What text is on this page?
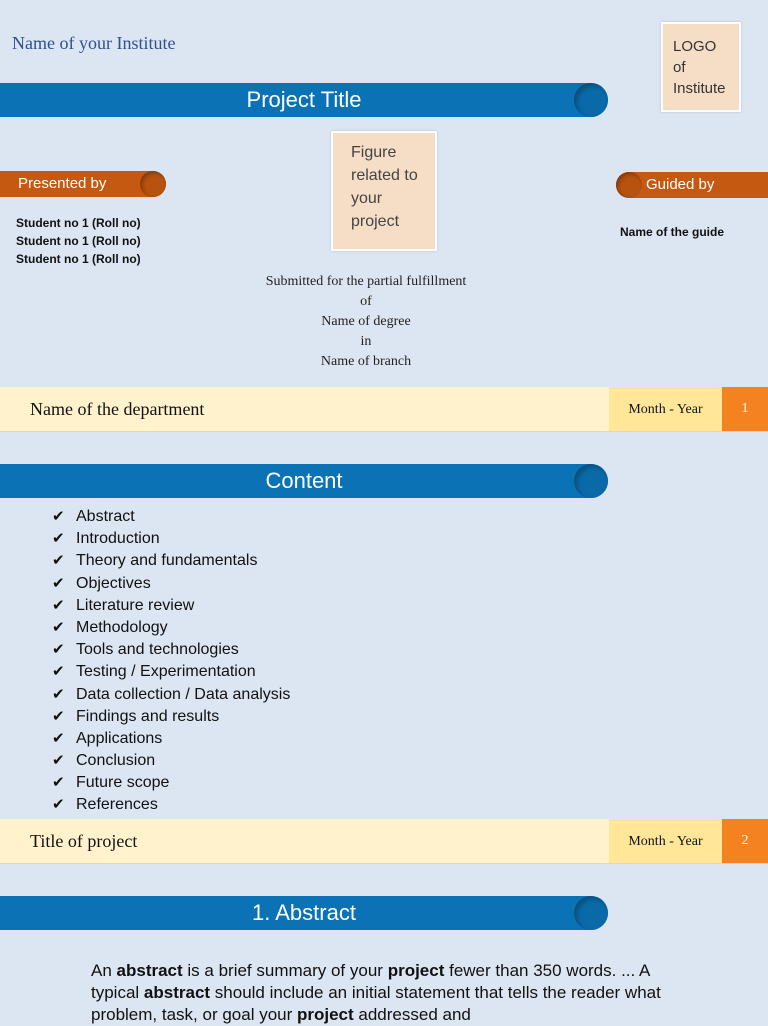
Name of your Institute	LOGO of Institute
Project Title
Presented by	Guided by
Figure related to your project
Student no 1 (Roll no)
Student no 1 (Roll no)
Student no 1 (Roll no)
Name of the guide
Submitted for the partial fulfillment
of
Name of degree
in
Name of branch
Name of the department	Month - Year	1
Content
✔ Abstract
✔ Introduction
✔ Theory and fundamentals
✔ Objectives
✔ Literature review
✔ Methodology
✔ Tools and technologies
✔ Testing / Experimentation
✔ Data collection / Data analysis
✔ Findings and results
✔ Applications
✔ Conclusion
✔ Future scope
✔ References
Title of project	Month - Year	2
1. Abstract
An abstract is a brief summary of your project fewer than 350 words. ... A typical abstract should include an initial statement that tells the reader what problem, task, or goal your project addressed and
